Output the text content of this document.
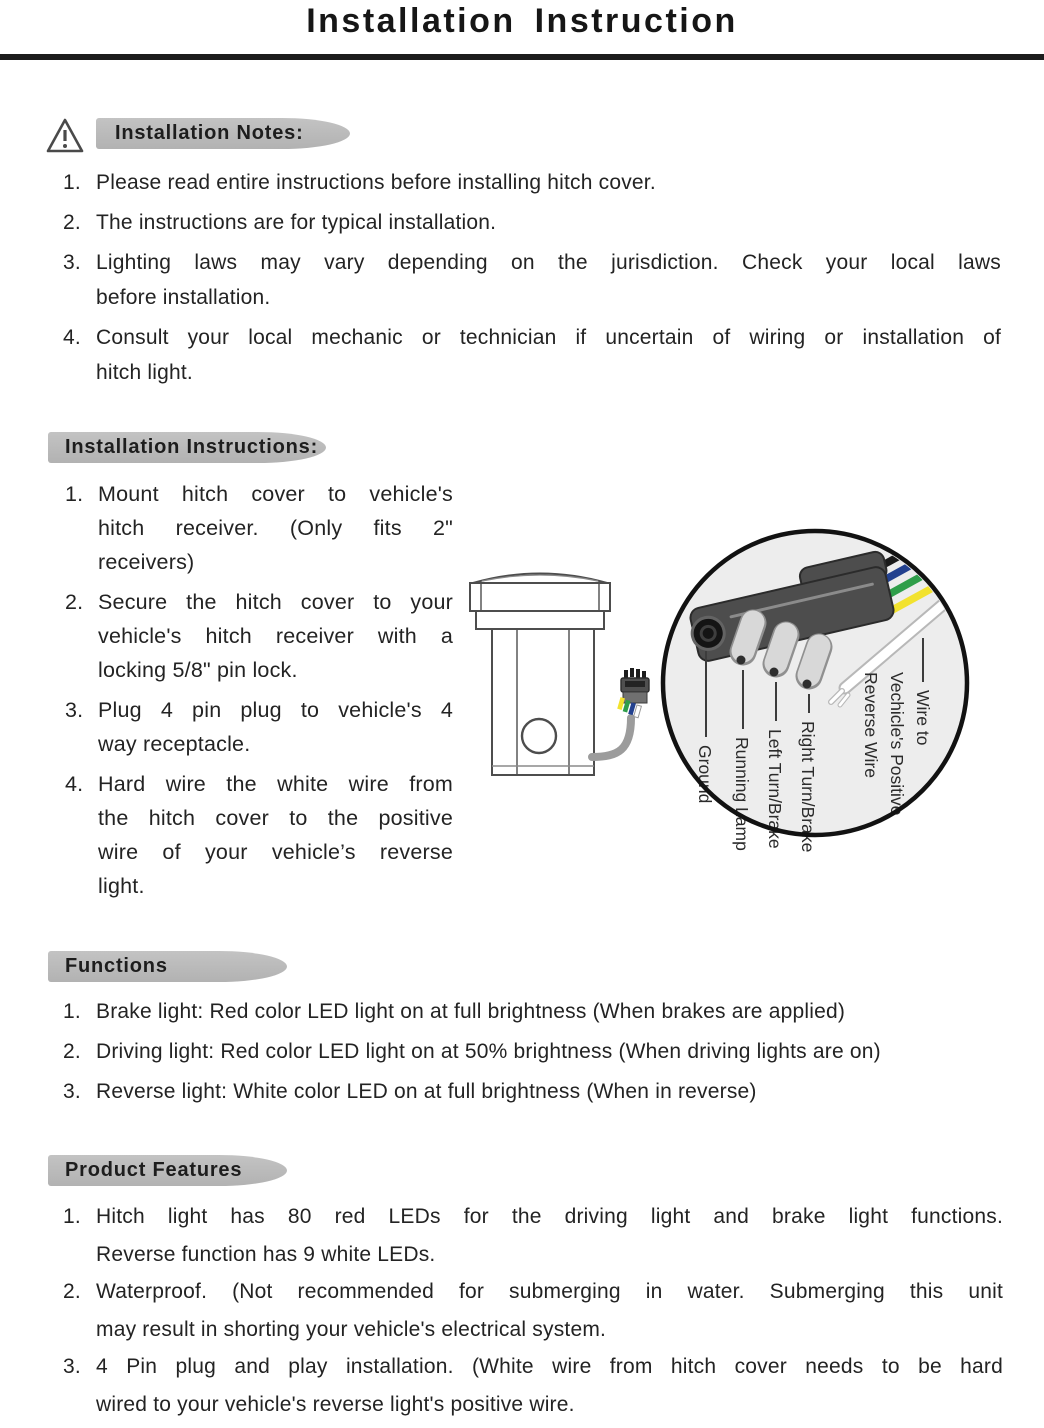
Installation Instruction
Installation Notes:
Installation Instructions:
Functions
Product Features
1. Please read entire instructions before installing hitch cover.
2. The instructions are for typical installation.
3. Lighting laws may vary depending on the jurisdiction. Check your local laws
before installation.
4. Consult your local mechanic or technician if uncertain of wiring or installation of
hitch light.
1. Mount hitch cover to vehicle's
hitch receiver. (Only fits 2"
receivers)
2. Secure the hitch cover to your
vehicle's hitch receiver with a
locking 5/8" pin lock.
3. Plug 4 pin plug to vehicle's 4
way receptacle.
4. Hard wire the white wire from
the hitch cover to the positive
wire of your vehicle’s reverse
light.
Ground Running Lamp Left Turn/Brake Right Turn/Brake
Wire to
Vechicle's Positive
Reverse Wire
1. Brake light: Red color LED light on at full brightness (When brakes are applied)
2. Driving light: Red color LED light on at 50% brightness (When driving lights are on)
3. Reverse light: White color LED on at full brightness (When in reverse)
1. Hitch light has 80 red LEDs for the driving light and brake light functions.
Reverse function has 9 white LEDs.
2. Waterproof. (Not recommended for submerging in water. Submerging this unit
may result in shorting your vehicle's electrical system.
3. 4 Pin plug and play installation. (White wire from hitch cover needs to be hard
wired to your vehicle's reverse light's positive wire.
